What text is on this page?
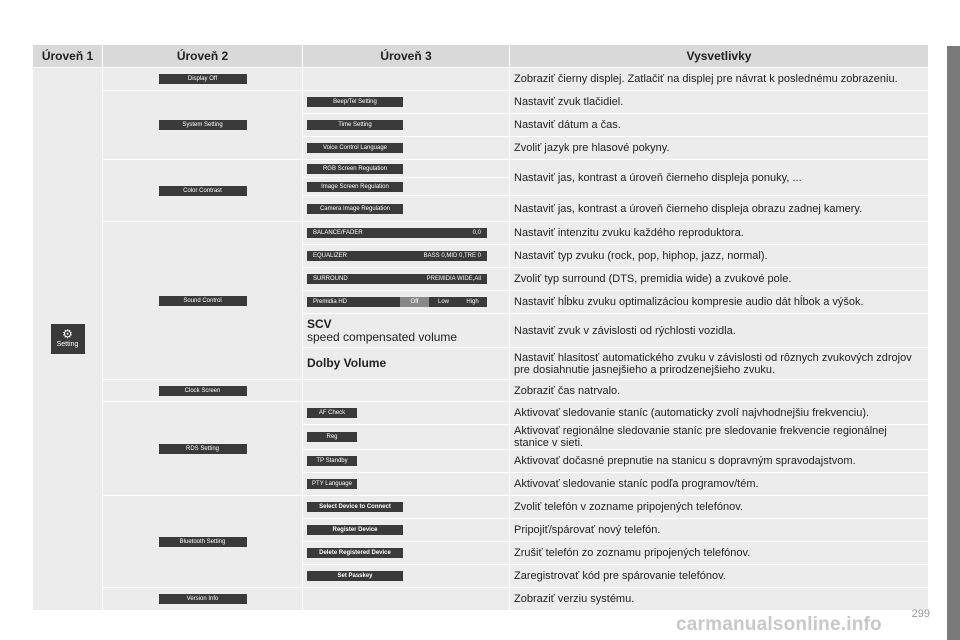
Úroveň 1	Úroveň 2	Úroveň 3	Vysvetlivky

⚙
Setting	Display Off		Zobraziť čierny displej. Zatlačiť na displej pre návrat k poslednému zobrazeniu.

	System Setting	Beep/Tel Setting	Nastaviť zvuk tlačidiel.

		Time Setting	Nastaviť dátum a čas.

		Voice Control Language	Zvoliť jazyk pre hlasové pokyny.

	Color Contrast	RGB Screen Regulation	Nastaviť jas, kontrast a úroveň čierneho displeja ponuky, ...

		Image Screen Regulation	

		Camera Image Regulation	Nastaviť jas, kontrast a úroveň čierneho displeja obrazu zadnej kamery.

	Sound Control	BALANCE/FADER 0,0	Nastaviť intenzitu zvuku každého reproduktora.

		EQUALIZER BASS 0,MID 0,TRE 0	Nastaviť typ zvuku (rock, pop, hiphop, jazz, normal).

		SURROUND PREMIDIA WIDE,All	Zvoliť typ surround (DTS, premidia wide) a zvukové pole.

		Premidia HD Off Low High	Nastaviť hĺbku zvuku optimalizáciou kompresie audio dát hĺbok a výšok.

		SCV
speed compensated volume	Nastaviť zvuk v závislosti od rýchlosti vozidla.

		Dolby Volume	Nastaviť hlasitosť automatického zvuku v závislosti od rôznych zvukových zdrojov pre dosiahnutie jasnejšieho a prirodzenejšieho zvuku.

	Clock Screen		Zobraziť čas natrvalo.

	RDS Setting	AF Check	Aktivovať sledovanie staníc (automaticky zvolí najvhodnejšiu frekvenciu).

		Reg	Aktivovať regionálne sledovanie staníc pre sledovanie frekvencie regionálnej stanice v sieti.

		TP Standby	Aktivovať dočasné prepnutie na stanicu s dopravným spravodajstvom.

		PTY Language	Aktivovať sledovanie staníc podľa programov/tém.

	Bluetooth Setting	Select Device to Connect	Zvoliť telefón v zozname pripojených telefónov.

		Register Device	Pripojiť/spárovať nový telefón.

		Delete Registered Device	Zrušiť telefón zo zoznamu pripojených telefónov.

		Set Passkey	Zaregistrovať kód pre spárovanie telefónov.

	Version Info		Zobraziť verziu systému.
299
carmanualsonline.info
